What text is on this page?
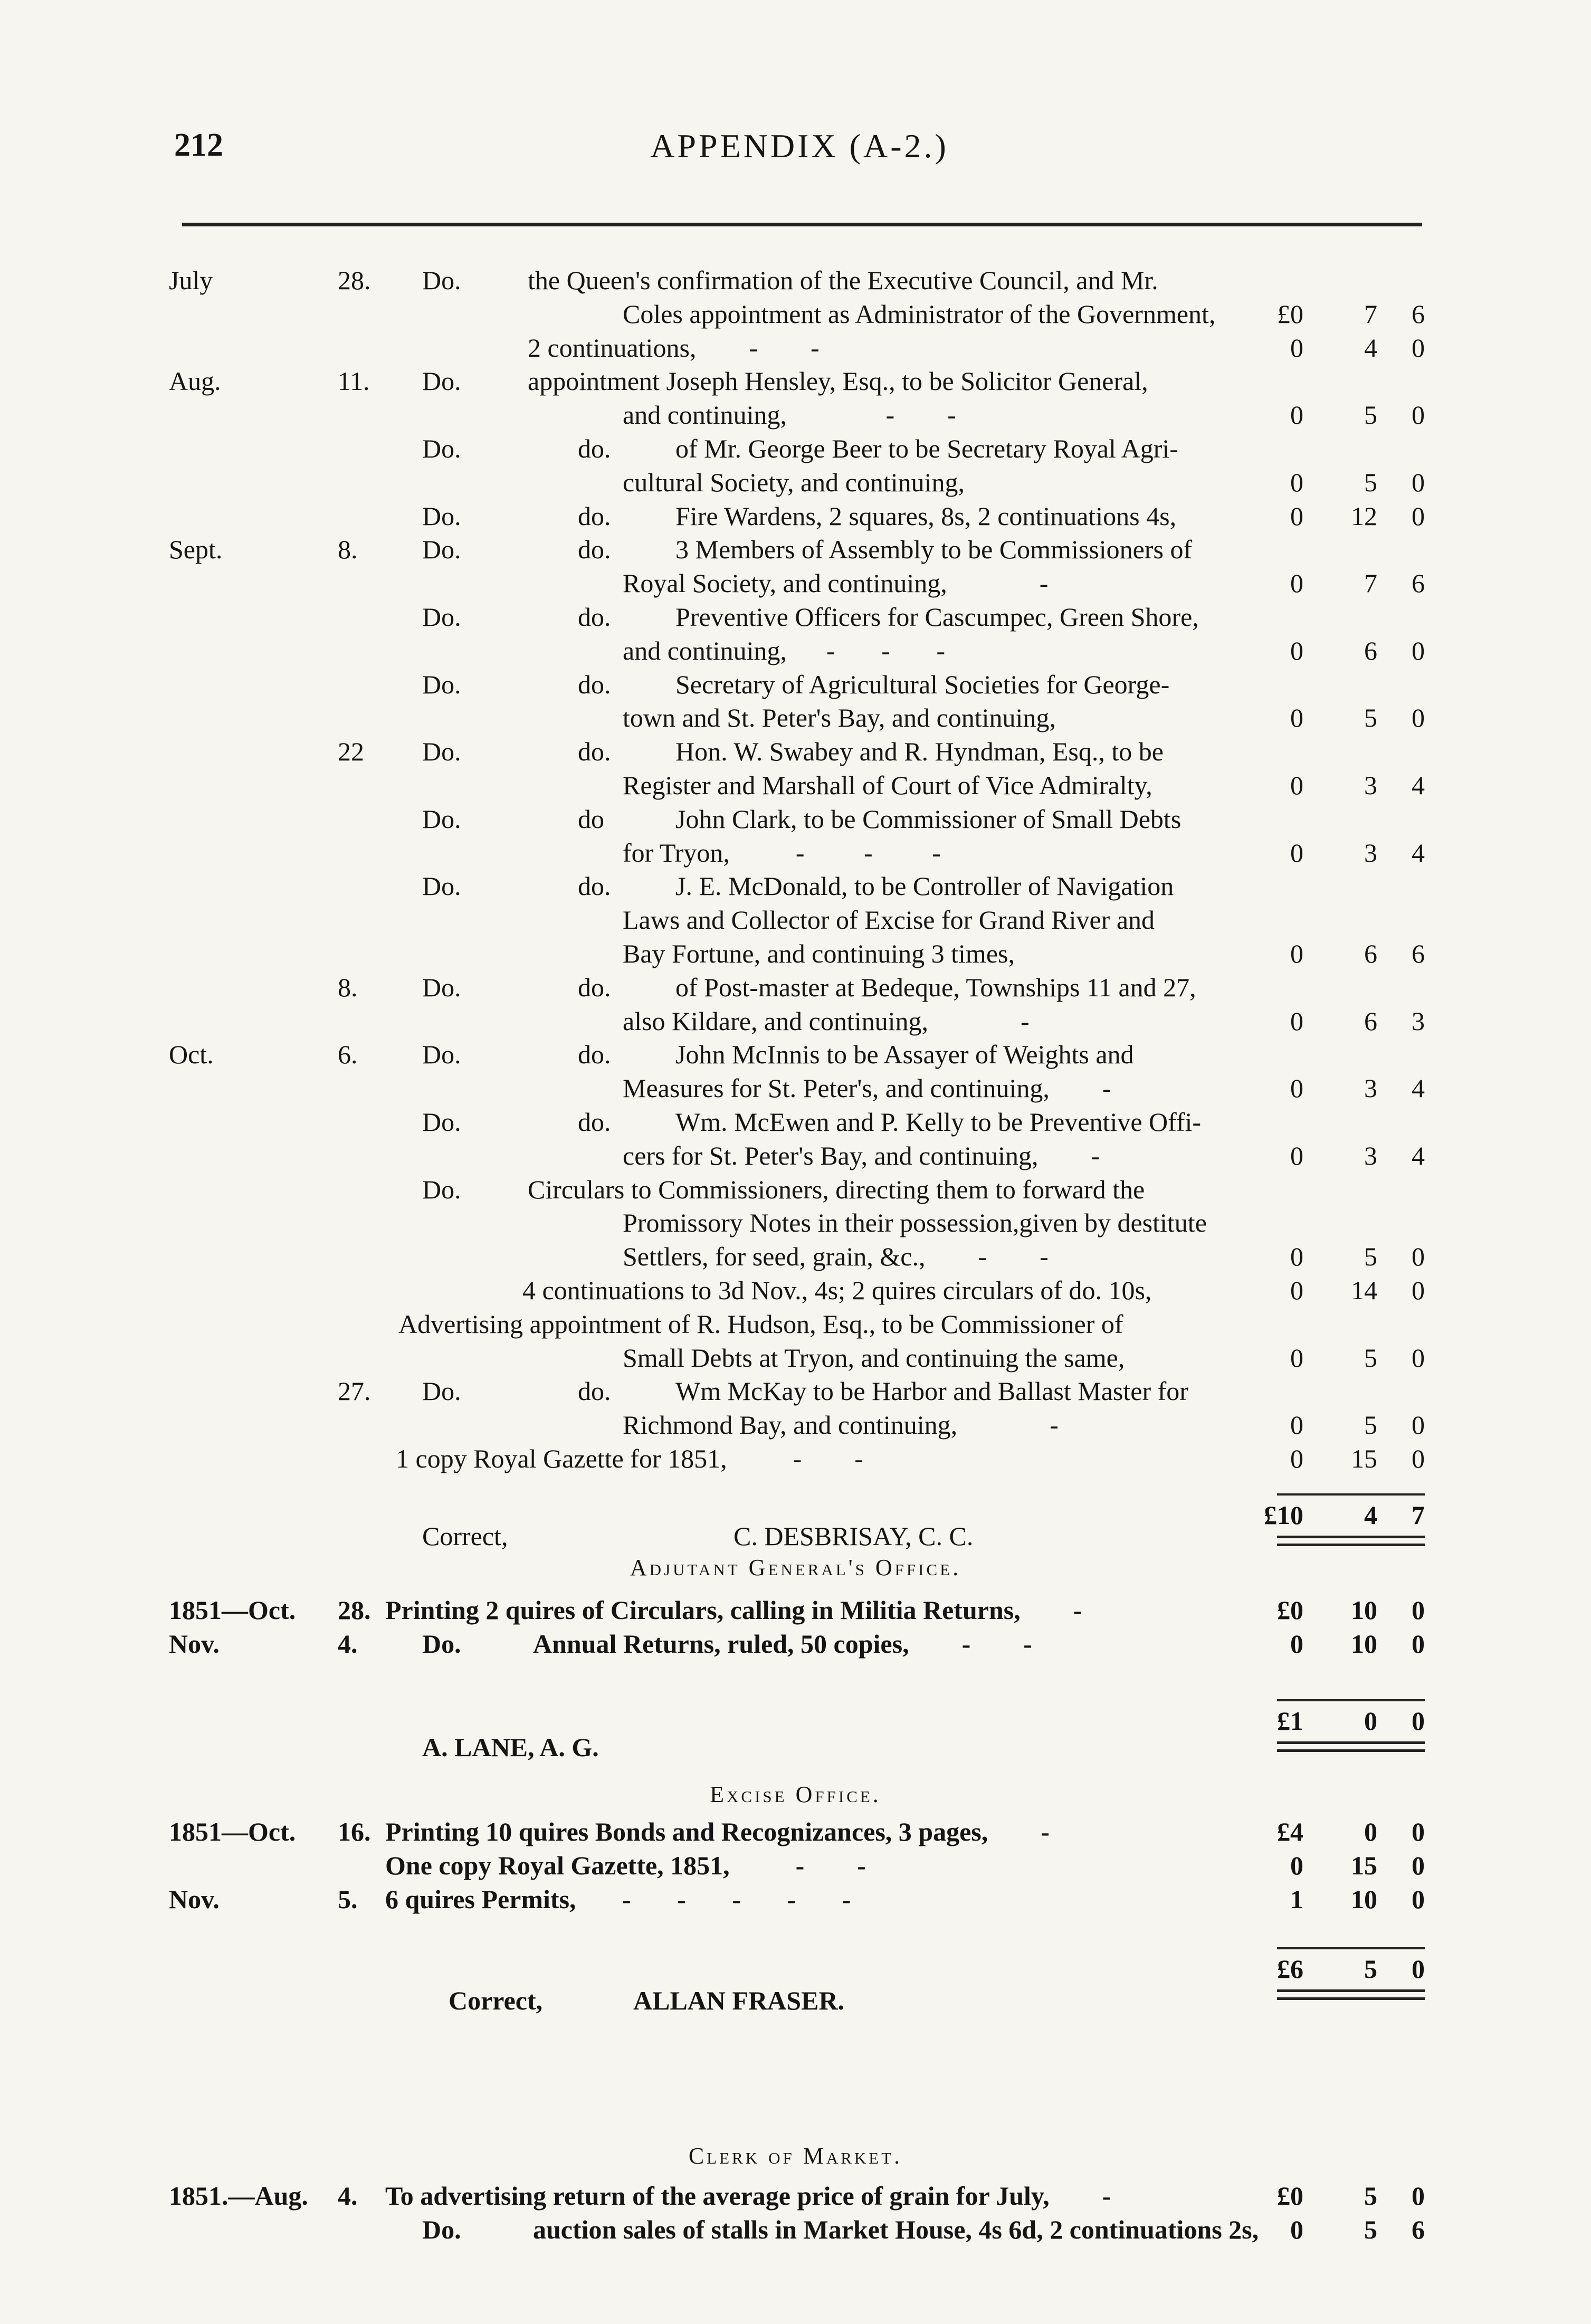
212	APPENDIX (A-2.)
July	28. Do.	the Queen's confirmation of the Executive Council, and Mr.
Coles appointment as Administrator of the Government,	£0	7	6
2 continuations,        -        -	0	4	0
Aug.	11. Do.	appointment Joseph Hensley, Esq., to be Solicitor General,
and continuing,               -        -	0	5	0
Do.	do. of Mr. George Beer to be Secretary Royal Agri-
cultural Society, and continuing,	0	5	0
Do.	do. Fire Wardens, 2 squares, 8s, 2 continuations 4s,	0	12	0
Sept.	8. Do.	do. 3 Members of Assembly to be Commissioners of
Royal Society, and continuing,              -	0	7	6
Do.	do. Preventive Officers for Cascumpec, Green Shore,
and continuing,      -       -       -	0	6	0
Do.	do. Secretary of Agricultural Societies for George-
town and St. Peter's Bay, and continuing,	0	5	0
22 Do.	do. Hon. W. Swabey and R. Hyndman, Esq., to be
Register and Marshall of Court of Vice Admiralty,	0	3	4
Do.	do	John Clark, to be Commissioner of Small Debts
for Tryon,          -         -         -	0	3	4
Do.	do. J. E. McDonald, to be Controller of Navigation
Laws and Collector of Excise for Grand River and
Bay Fortune, and continuing 3 times,	0	6	6
8. Do.	do. of Post-master at Bedeque, Townships 11 and 27,
also Kildare, and continuing,              -	0	6	3
Oct.	6. Do.	do. John McInnis to be Assayer of Weights and
Measures for St. Peter's, and continuing,        -	0	3	4
Do.	do. Wm. McEwen and P. Kelly to be Preventive Offi-
cers for St. Peter's Bay, and continuing,        -	0	3	4
Do.	Circulars to Commissioners, directing them to forward the
Promissory Notes in their possession,given by destitute
Settlers, for seed, grain, &c.,        -        -	0	5	0
4 continuations to 3d Nov., 4s; 2 quires circulars of do. 10s,	0	14	0
Advertising appointment of R. Hudson, Esq., to be Commissioner of
Small Debts at Tryon, and continuing the same,	0	5	0
27. Do.	do. Wm McKay to be Harbor and Ballast Master for
Richmond Bay, and continuing,              -	0	5	0
1 copy Royal Gazette for 1851,          -        -	0	15	0
£10	4	7
Correct,	C. DESBRISAY, C. C.
Adjutant General's Office.
1851—Oct. 28. Printing 2 quires of Circulars, calling in Militia Returns,        -	£0	10	0
Nov.	4. Do.	Annual Returns, ruled, 50 copies,        -        -	0	10	0
£1	0	0
A. LANE, A. G.
Excise Office.
1851—Oct. 16. Printing 10 quires Bonds and Recognizances, 3 pages,        -	£4	0	0
One copy Royal Gazette, 1851,          -        -	0	15	0
Nov.	5. 6 quires Permits,       -       -       -       -       -	1	10	0
£6	5	0
Correct,	ALLAN FRASER.
Clerk of Market.
1851.—Aug. 4. To advertising return of the average price of grain for July,        -	£0	5	0
Do.	auction sales of stalls in Market House, 4s 6d, 2 continuations 2s,	0	5	6
